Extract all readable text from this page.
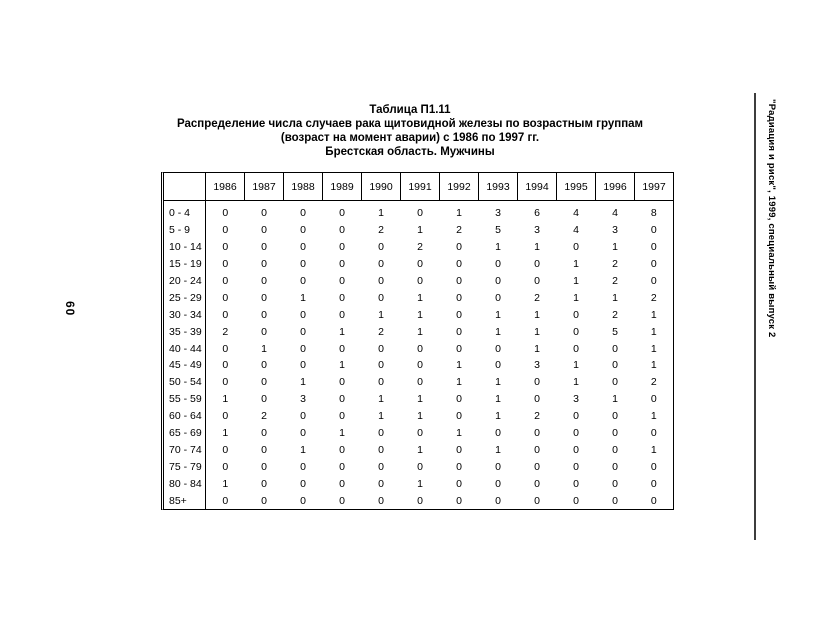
60
Таблица П1.11
Распределение числа случаев рака щитовидной железы по возрастным группам
(возраст на момент аварии) с 1986 по 1997 гг.
Брестская область. Мужчины
	1986	1987	1988	1989	1990	1991	1992	1993	1994	1995	1996	1997
0 - 4	0	0	0	0	1	0	1	3	6	4	4	8
5 - 9	0	0	0	0	2	1	2	5	3	4	3	0
10 - 14	0	0	0	0	0	2	0	1	1	0	1	0
15 - 19	0	0	0	0	0	0	0	0	0	1	2	0
20 - 24	0	0	0	0	0	0	0	0	0	1	2	0
25 - 29	0	0	1	0	0	1	0	0	2	1	1	2
30 - 34	0	0	0	0	1	1	0	1	1	0	2	1
35 - 39	2	0	0	1	2	1	0	1	1	0	5	1
40 - 44	0	1	0	0	0	0	0	0	1	0	0	1
45 - 49	0	0	0	1	0	0	1	0	3	1	0	1
50 - 54	0	0	1	0	0	0	1	1	0	1	0	2
55 - 59	1	0	3	0	1	1	0	1	0	3	1	0
60 - 64	0	2	0	0	1	1	0	1	2	0	0	1
65 - 69	1	0	0	1	0	0	1	0	0	0	0	0
70 - 74	0	0	1	0	0	1	0	1	0	0	0	1
75 - 79	0	0	0	0	0	0	0	0	0	0	0	0
80 - 84	1	0	0	0	0	1	0	0	0	0	0	0
85+	0	0	0	0	0	0	0	0	0	0	0	0
"Радиация и риск", 1999, специальный выпуск 2
